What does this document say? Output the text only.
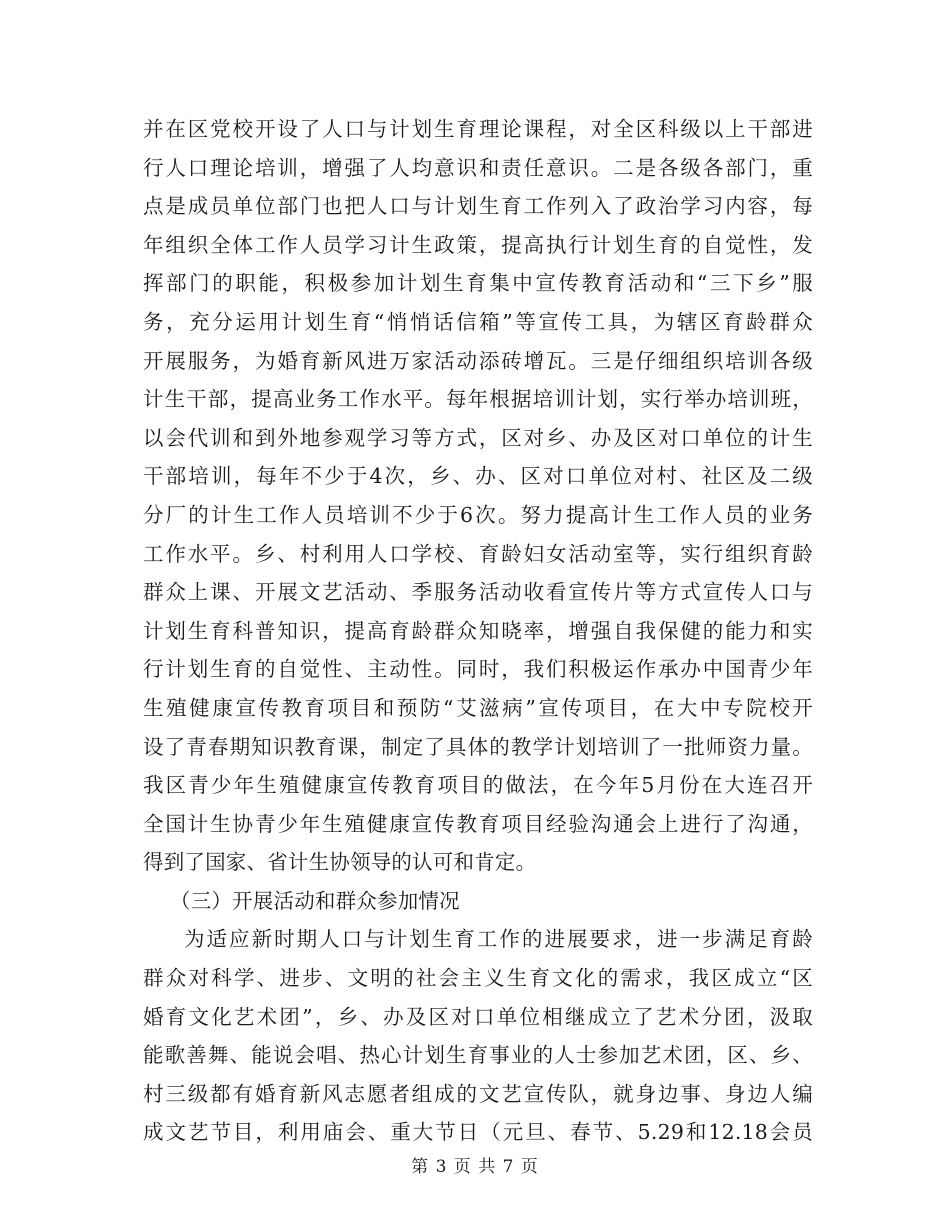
并在区党校开设了人口与计划生育理论课程，对全区科级以上干部进
行人口理论培训，增强了人均意识和责任意识。二是各级各部门，重
点是成员单位部门也把人口与计划生育工作列入了政治学习内容，每
年组织全体工作人员学习计生政策，提高执行计划生育的自觉性，发
挥部门的职能，积极参加计划生育集中宣传教育活动和“三下乡”服
务，充分运用计划生育“悄悄话信箱”等宣传工具，为辖区育龄群众
开展服务，为婚育新风进万家活动添砖增瓦。三是仔细组织培训各级
计生干部，提高业务工作水平。每年根据培训计划，实行举办培训班，
以会代训和到外地参观学习等方式，区对乡、办及区对口单位的计生
干部培训，每年不少于4次，乡、办、区对口单位对村、社区及二级
分厂的计生工作人员培训不少于6次。努力提高计生工作人员的业务
工作水平。乡、村利用人口学校、育龄妇女活动室等，实行组织育龄
群众上课、开展文艺活动、季服务活动收看宣传片等方式宣传人口与
计划生育科普知识，提高育龄群众知晓率，增强自我保健的能力和实
行计划生育的自觉性、主动性。同时，我们积极运作承办中国青少年
生殖健康宣传教育项目和预防“艾滋病”宣传项目，在大中专院校开
设了青春期知识教育课，制定了具体的教学计划培训了一批师资力量。
我区青少年生殖健康宣传教育项目的做法，在今年5月份在大连召开
全国计生协青少年生殖健康宣传教育项目经验沟通会上进行了沟通，
得到了国家、省计生协领导的认可和肯定。
（三）开展活动和群众参加情况
为适应新时期人口与计划生育工作的进展要求，进一步满足育龄
群众对科学、进步、文明的社会主义生育文化的需求，我区成立“区
婚育文化艺术团”，乡、办及区对口单位相继成立了艺术分团，汲取
能歌善舞、能说会唱、热心计划生育事业的人士参加艺术团，区、乡、
村三级都有婚育新风志愿者组成的文艺宣传队，就身边事、身边人编
成文艺节目，利用庙会、重大节日（元旦、春节、5.29和12.18会员
第 3 页 共 7 页
